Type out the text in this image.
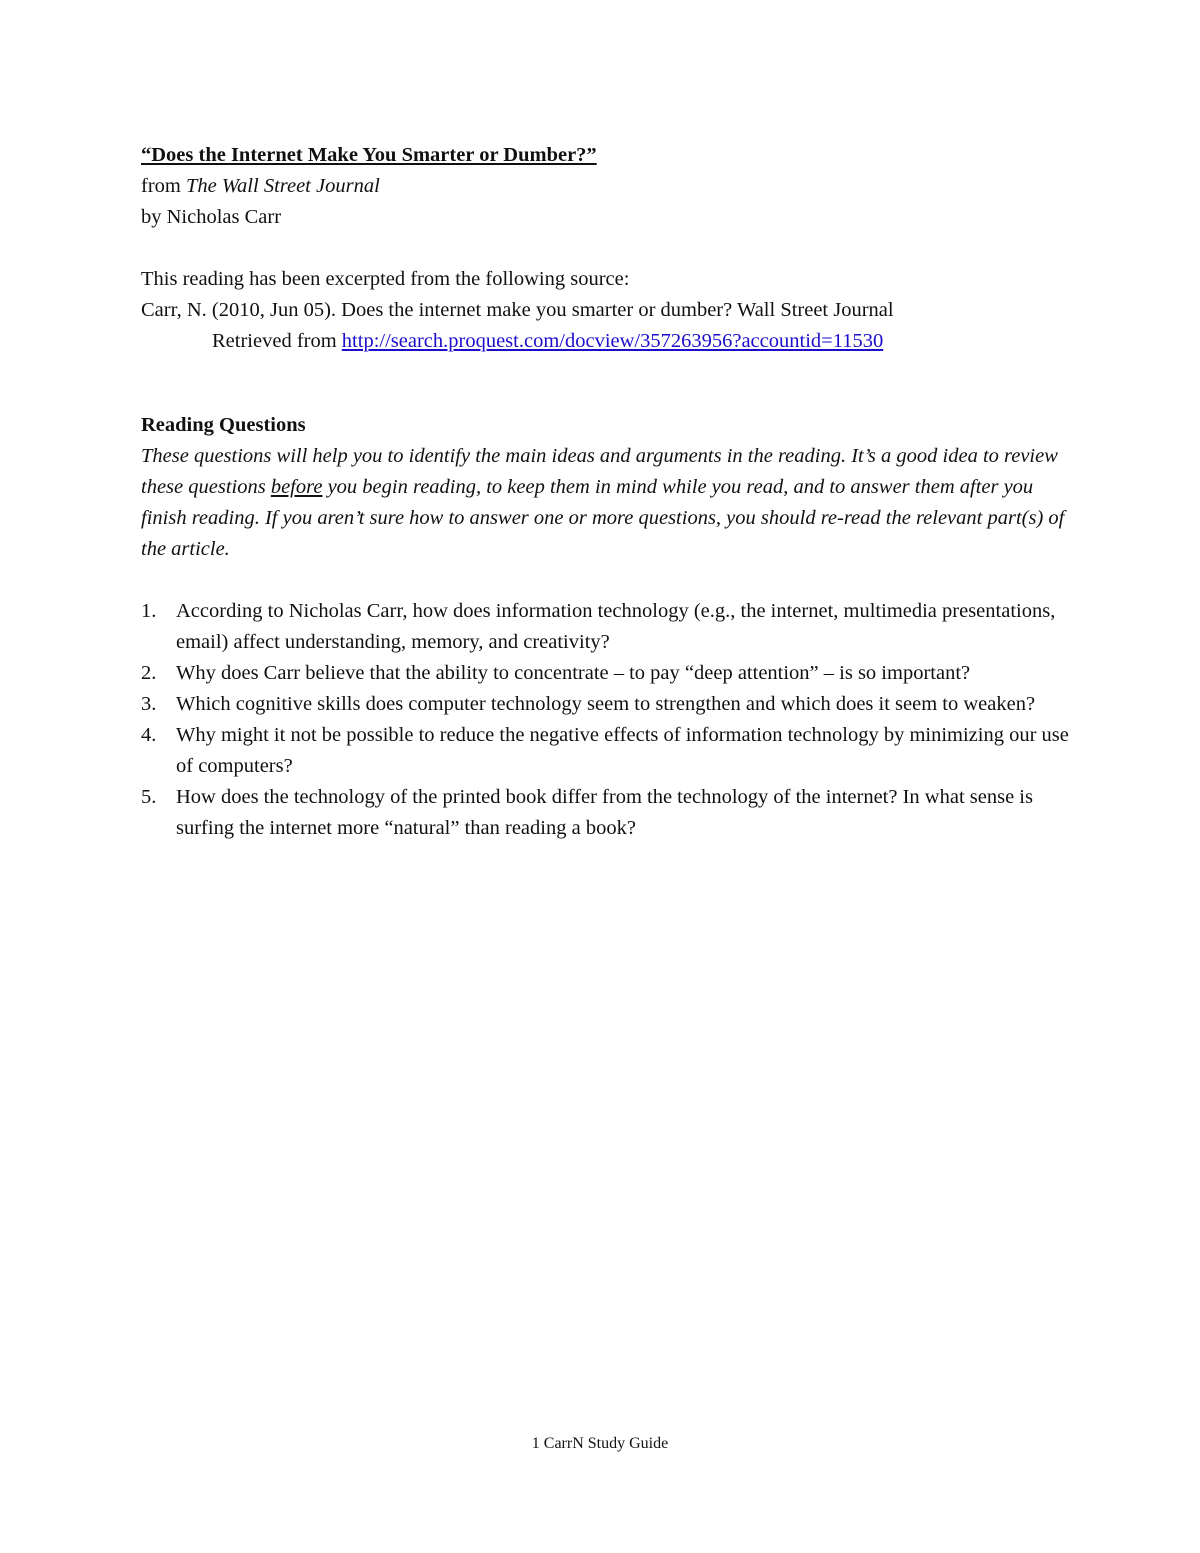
“Does the Internet Make You Smarter or Dumber?”

from The Wall Street Journal

by Nicholas Carr

This reading has been excerpted from the following source:

Carr, N. (2010, Jun 05). Does the internet make you smarter or dumber? Wall Street Journal

Retrieved from http://search.proquest.com/docview/357263956?accountid=11530

Reading Questions

These questions will help you to identify the main ideas and arguments in the reading. It’s a good idea to review these questions before you begin reading, to keep them in mind while you read, and to answer them after you finish reading. If you aren’t sure how to answer one or more questions, you should re-read the relevant part(s) of the article.

1. According to Nicholas Carr, how does information technology (e.g., the internet, multimedia presentations, email) affect understanding, memory, and creativity?
2. Why does Carr believe that the ability to concentrate – to pay “deep attention” – is so important?
3. Which cognitive skills does computer technology seem to strengthen and which does it seem to weaken?
4. Why might it not be possible to reduce the negative effects of information technology by minimizing our use of computers?
5. How does the technology of the printed book differ from the technology of the internet? In what sense is surfing the internet more “natural” than reading a book?
1 CarrN Study Guide
